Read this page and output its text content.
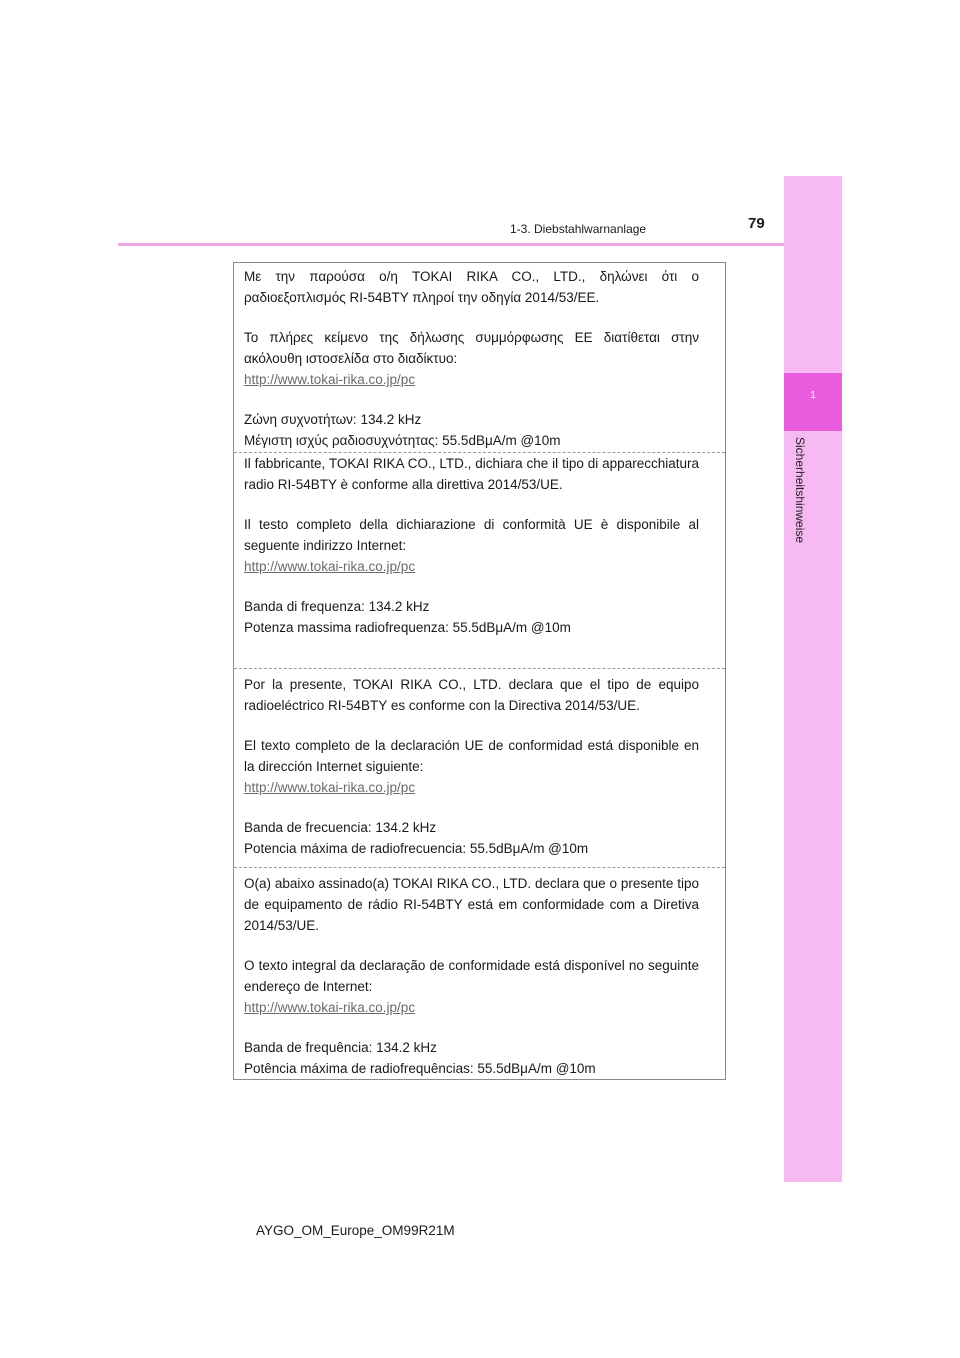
1
Sicherheitshinweise
1-3. Diebstahlwarnanlage	79

Με την παρούσα ο/η TOKAI RIKA CO., LTD., δηλώνει ότι ο ραδιοεξοπλισμός RI-54BTY πληροί την οδηγία 2014/53/ΕΕ.

Το πλήρες κείμενο της δήλωσης συμμόρφωσης ΕΕ διατίθεται στην ακόλουθη ιστοσελίδα στο διαδίκτυο:
http://www.tokai-rika.co.jp/pc

Ζώνη συχνοτήτων: 134.2 kHz
Μέγιστη ισχύς ραδιοσυχνότητας: 55.5dBμA/m @10m

Il fabbricante, TOKAI RIKA CO., LTD., dichiara che il tipo di apparecchiatura radio RI-54BTY è conforme alla direttiva 2014/53/UE.

Il testo completo della dichiarazione di conformità UE è disponibile al seguente indirizzo Internet:
http://www.tokai-rika.co.jp/pc

Banda di frequenza: 134.2 kHz
Potenza massima radiofrequenza: 55.5dBμA/m @10m

Por la presente, TOKAI RIKA CO., LTD. declara que el tipo de equipo radioeléctrico RI-54BTY es conforme con la Directiva 2014/53/UE.

El texto completo de la declaración UE de conformidad está disponible en la dirección Internet siguiente:
http://www.tokai-rika.co.jp/pc

Banda de frecuencia: 134.2 kHz
Potencia máxima de radiofrecuencia: 55.5dBμA/m @10m

O(a) abaixo assinado(a) TOKAI RIKA CO., LTD. declara que o presente tipo de equipamento de rádio RI-54BTY está em conformidade com a Diretiva 2014/53/UE.

O texto integral da declaração de conformidade está disponível no seguinte endereço de Internet:
http://www.tokai-rika.co.jp/pc

Banda de frequência: 134.2 kHz
Potência máxima de radiofrequências: 55.5dBμA/m @10m

AYGO_OM_Europe_OM99R21M
